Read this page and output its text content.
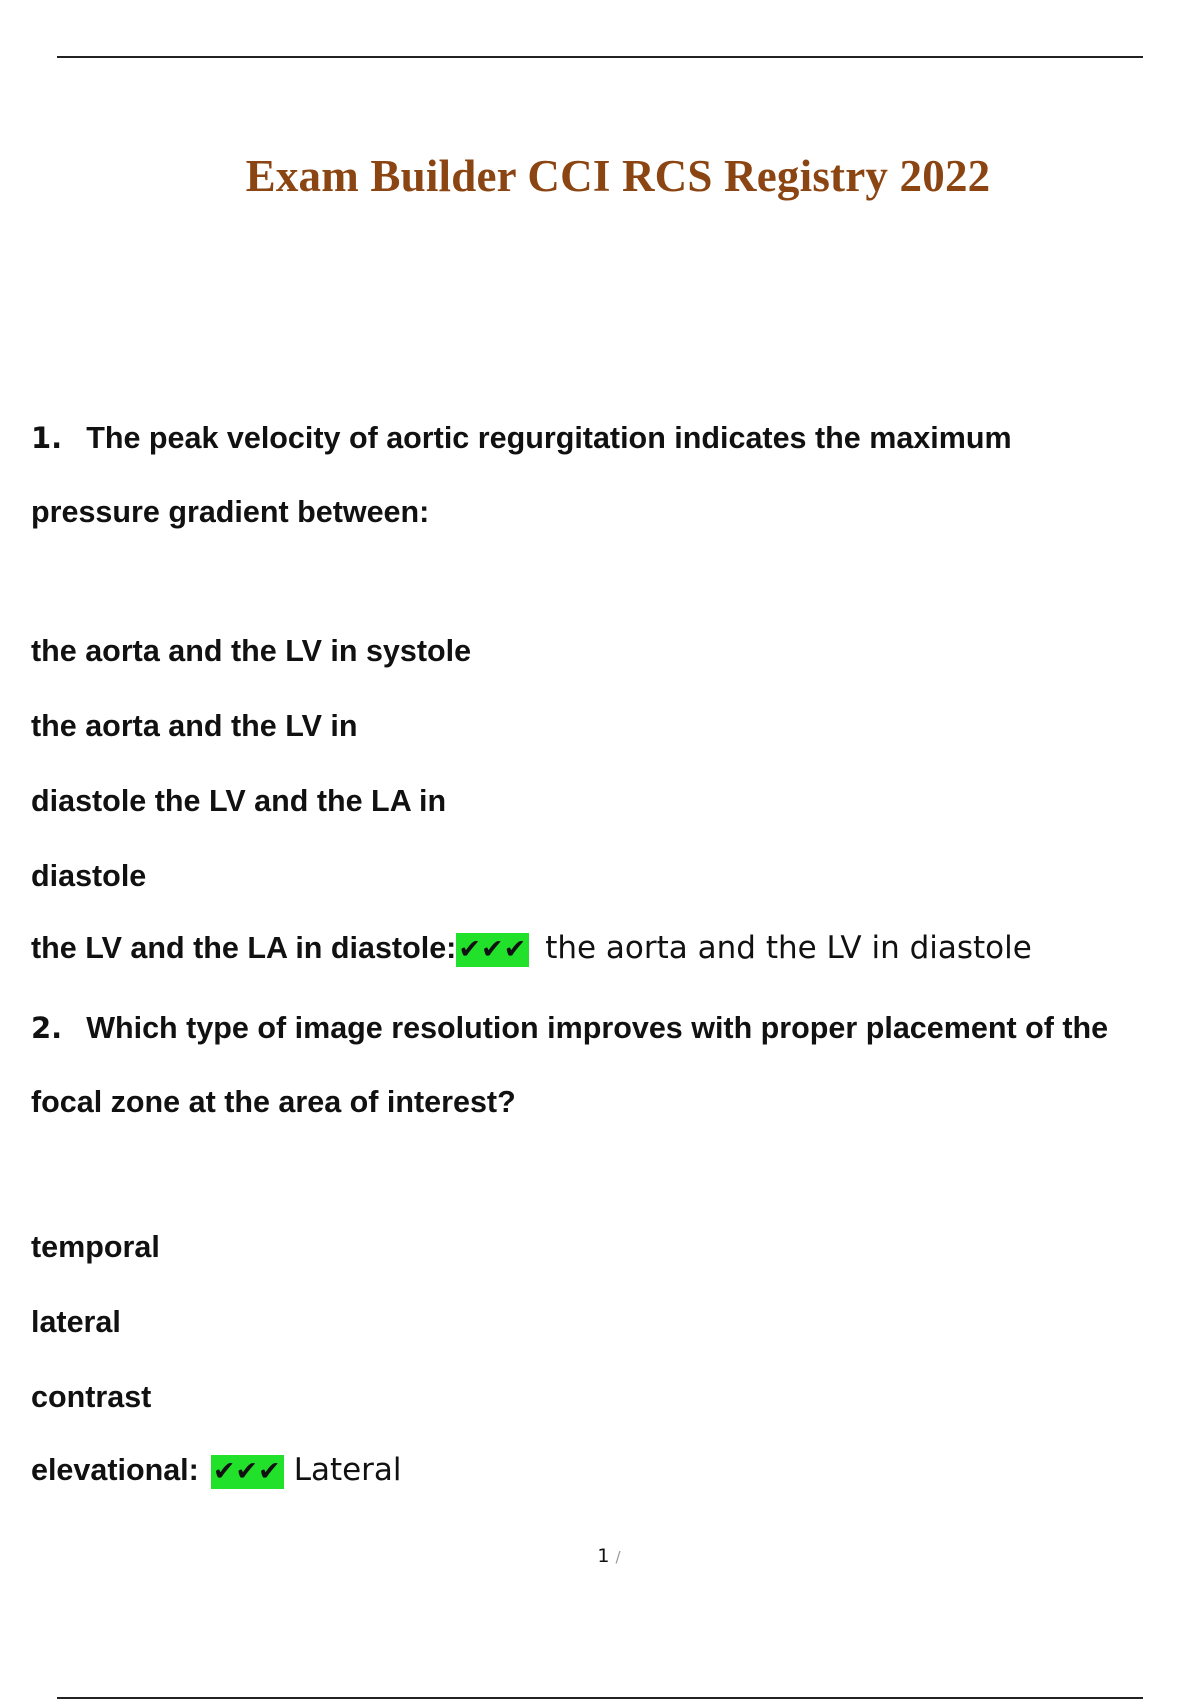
Exam Builder CCI RCS Registry 2022
1. The peak velocity of aortic regurgitation indicates the maximum
pressure gradient between:
the aorta and the LV in systole
the aorta and the LV in
diastole the LV and the LA in
diastole
the LV and the LA in diastole:✔✔✔ the aorta and the LV in diastole
2. Which type of image resolution improves with proper placement of the
focal zone at the area of interest?
temporal
lateral
contrast
elevational: ✔✔✔ Lateral
1 /
